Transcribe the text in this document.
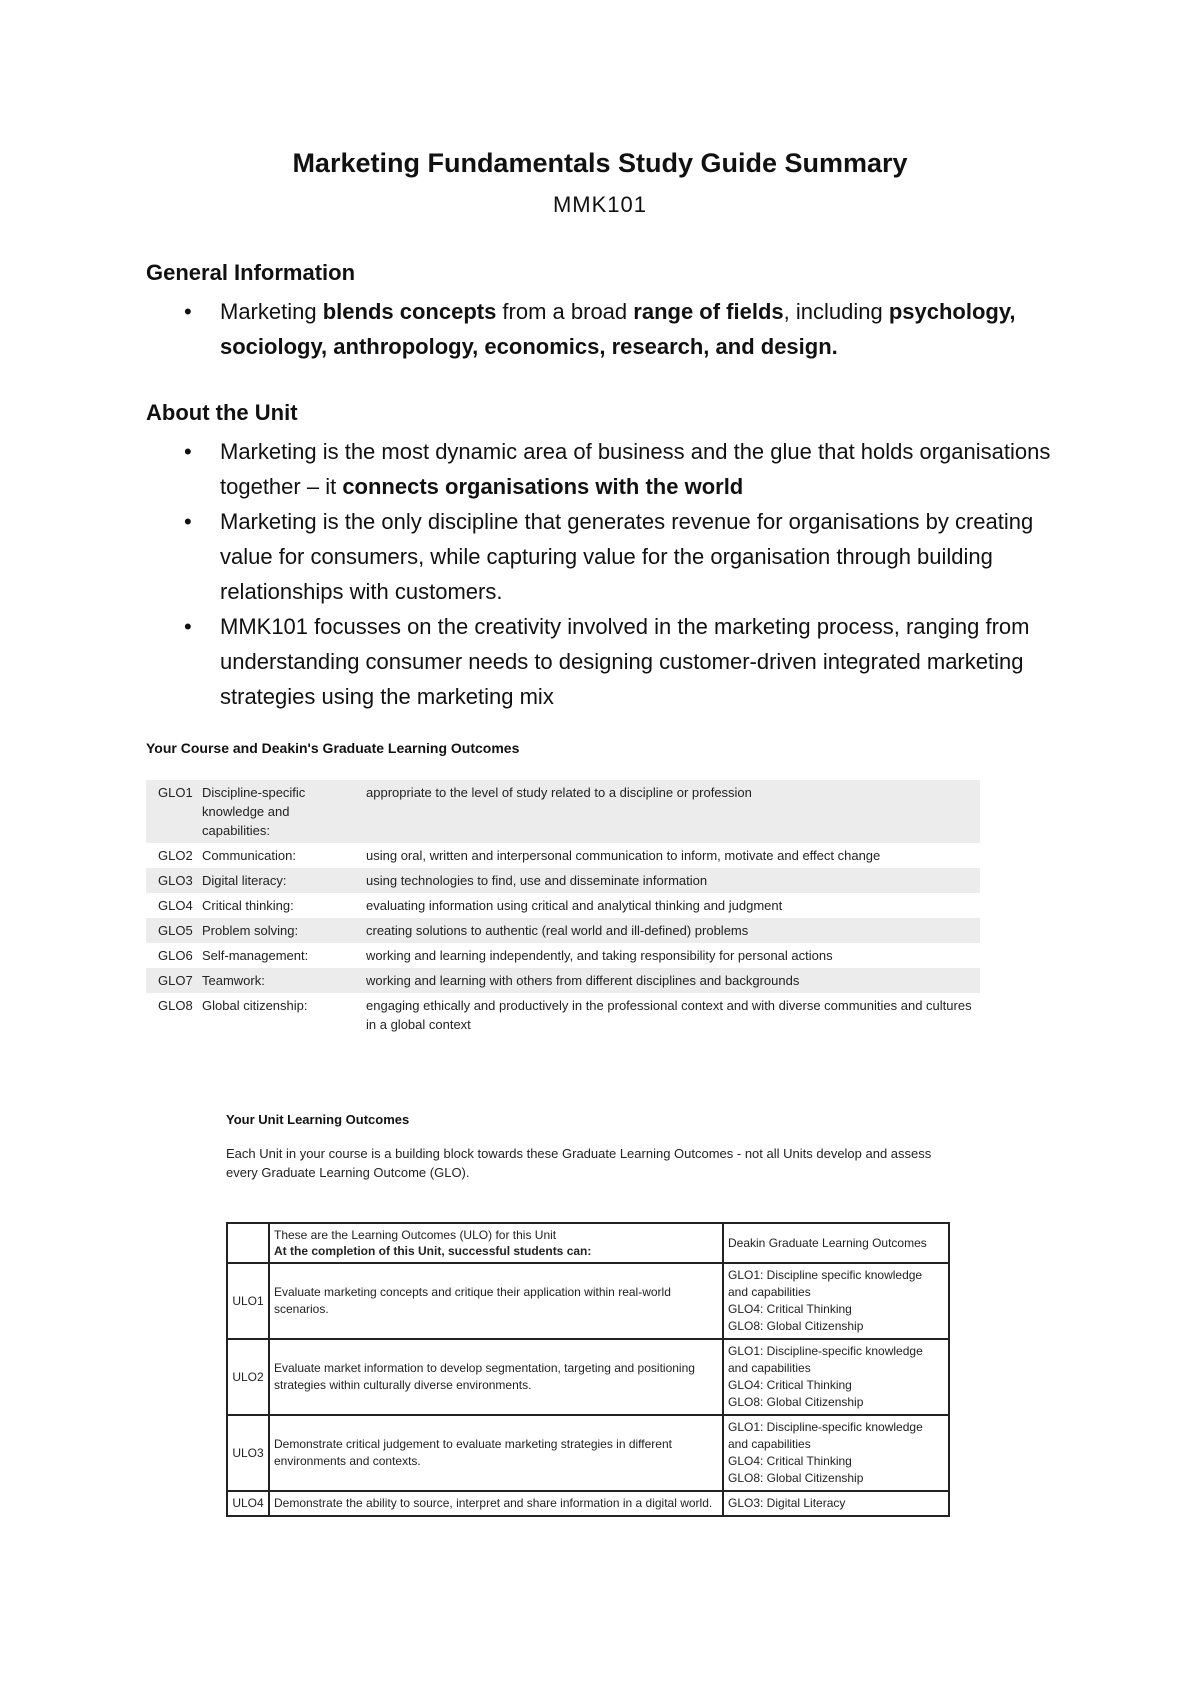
Marketing Fundamentals Study Guide Summary
MMK101
General Information
• Marketing blends concepts from a broad range of fields, including psychology, sociology, anthropology, economics, research, and design.
About the Unit
• Marketing is the most dynamic area of business and the glue that holds organisations together – it connects organisations with the world
• Marketing is the only discipline that generates revenue for organisations by creating value for consumers, while capturing value for the organisation through building relationships with customers.
• MMK101 focusses on the creativity involved in the marketing process, ranging from understanding consumer needs to designing customer-driven integrated marketing strategies using the marketing mix
Your Course and Deakin's Graduate Learning Outcomes
GLO1	Discipline-specific knowledge and capabilities:	appropriate to the level of study related to a discipline or profession
GLO2	Communication:	using oral, written and interpersonal communication to inform, motivate and effect change
GLO3	Digital literacy:	using technologies to find, use and disseminate information
GLO4	Critical thinking:	evaluating information using critical and analytical thinking and judgment
GLO5	Problem solving:	creating solutions to authentic (real world and ill-defined) problems
GLO6	Self-management:	working and learning independently, and taking responsibility for personal actions
GLO7	Teamwork:	working and learning with others from different disciplines and backgrounds
GLO8	Global citizenship:	engaging ethically and productively in the professional context and with diverse communities and cultures in a global context
Your Unit Learning Outcomes
Each Unit in your course is a building block towards these Graduate Learning Outcomes - not all Units develop and assess every Graduate Learning Outcome (GLO).

	These are the Learning Outcomes (ULO) for this Unit
At the completion of this Unit, successful students can:	Deakin Graduate Learning Outcomes
ULO1	Evaluate marketing concepts and critique their application within real-world scenarios.	GLO1: Discipline specific knowledge and capabilities
GLO4: Critical Thinking
GLO8: Global Citizenship

ULO2	Evaluate market information to develop segmentation, targeting and positioning strategies within culturally diverse environments.	GLO1: Discipline-specific knowledge and capabilities
GLO4: Critical Thinking
GLO8: Global Citizenship

ULO3	Demonstrate critical judgement to evaluate marketing strategies in different environments and contexts.	GLO1: Discipline-specific knowledge and capabilities
GLO4: Critical Thinking
GLO8: Global Citizenship

ULO4	Demonstrate the ability to source, interpret and share information in a digital world.	GLO3: Digital Literacy
